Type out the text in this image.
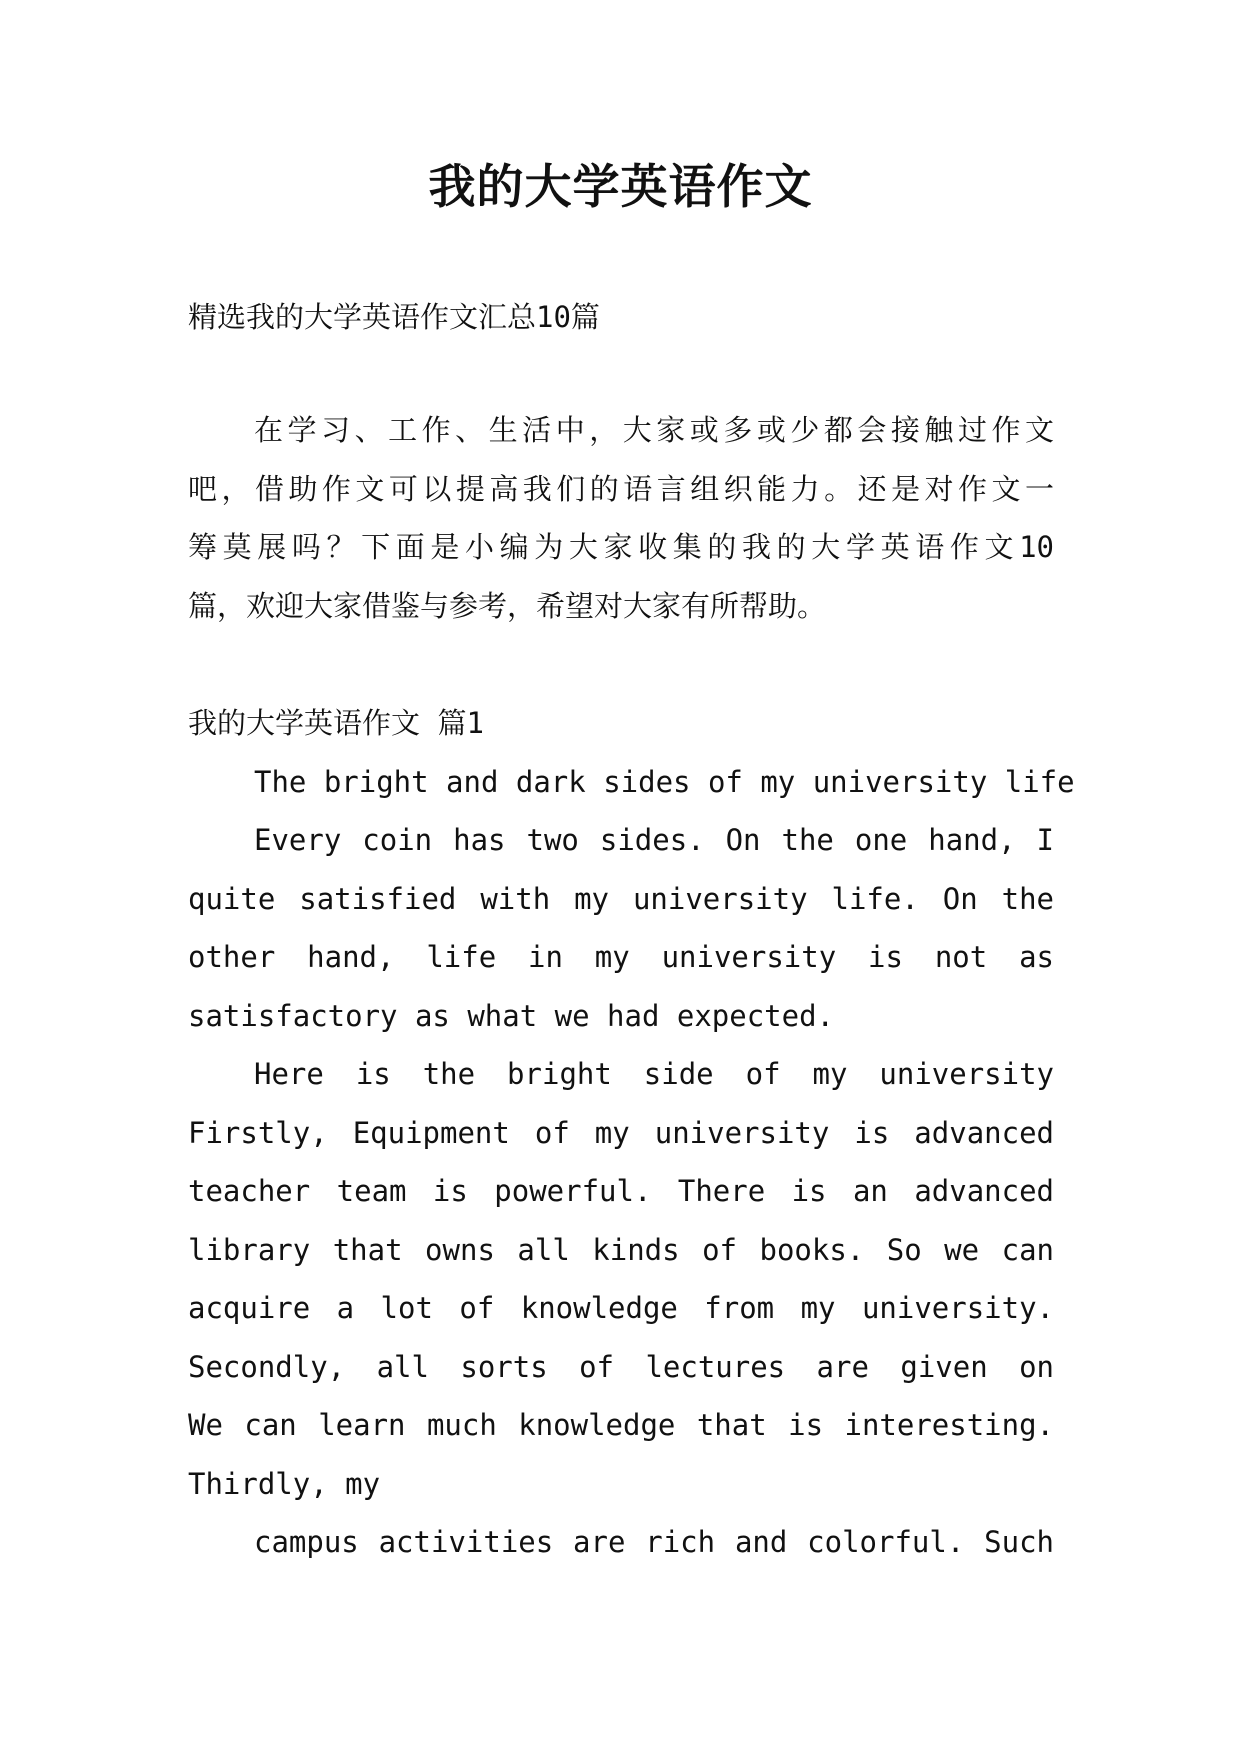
我的大学英语作文
精选我的大学英语作文汇总10篇
在学习、工作、生活中，大家或多或少都会接触过作文
吧，借助作文可以提高我们的语言组织能力。还是对作文一
筹莫展吗？下面是小编为大家收集的我的大学英语作文10
篇，欢迎大家借鉴与参考，希望对大家有所帮助。
我的大学英语作文 篇1
The bright and dark sides of my university life
Every coin has two sides. On the one hand, I
quite satisfied with my university life. On the
other hand, life in my university is not as
satisfactory as what we had expected.
Here is the bright side of my university
Firstly, Equipment of my university is advanced
teacher team is powerful. There is an advanced
library that owns all kinds of books. So we can
acquire a lot of knowledge from my university.
Secondly, all sorts of lectures are given on
We can learn much knowledge that is interesting.
Thirdly, my
campus activities are rich and colorful. Such
